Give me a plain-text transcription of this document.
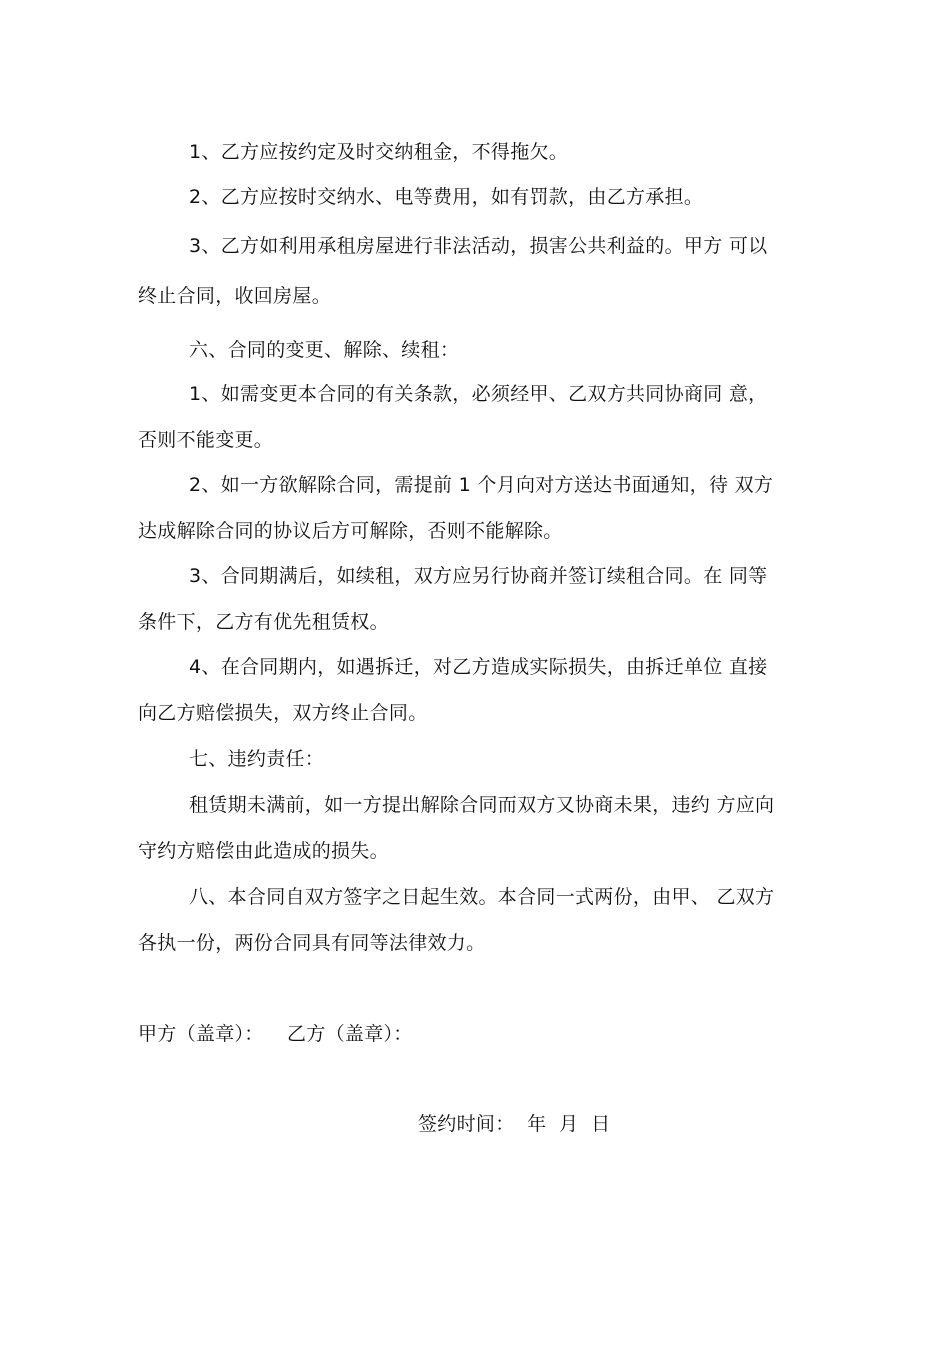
1、乙方应按约定及时交纳租金，不得拖欠。
2、乙方应按时交纳水、电等费用，如有罚款，由乙方承担。
3、乙方如利用承租房屋进行非法活动，损害公共利益的。甲方 可以
终止合同，收回房屋。
六、合同的变更、解除、续租：
1、如需变更本合同的有关条款，必须经甲、乙双方共同协商同 意，
否则不能变更。
2、如一方欲解除合同，需提前 1 个月向对方送达书面通知，待 双方
达成解除合同的协议后方可解除，否则不能解除。
3、合同期满后，如续租，双方应另行协商并签订续租合同。在 同等
条件下，乙方有优先租赁权。
4、在合同期内，如遇拆迁，对乙方造成实际损失，由拆迁单位 直接
向乙方赔偿损失，双方终止合同。
七、违约责任：
租赁期未满前，如一方提出解除合同而双方又协商未果，违约 方应向
守约方赔偿由此造成的损失。
八、本合同自双方签字之日起生效。本合同一式两份，由甲、 乙双方
各执一份，两份合同具有同等法律效力。
甲方（盖章）： 乙方（盖章）：
签约时间：  年  月  日
